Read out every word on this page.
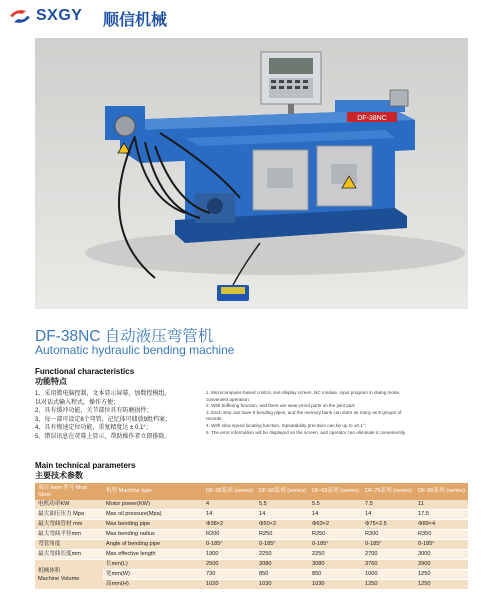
SXGY 顺信机械
DF-38NC
DF-38NC 自动液压弯管机
Automatic hydraulic bending machine
Functional characteristics
功能特点
1、采用微电脑控制，文本显示屏幕，加数控模组，
以对话式输入程式，操作方便；
2、具有缓冲功能，关节部位具有防磨损件；
3、每一部可设定8个弯管，记忆体可储放9组档案；
4、具有慢速定位功能，重复精度达 ± 0.1°；
5、错误讯息在荧幕上显示，帮助操作者立即排除。
1. Microcomputer-based control, text-display screen, NC module, input program in dialog mode,
convenient operation;
2. With buffering function, and there are wear-proof parts on the joint part;
3. Each step can have 8 bending pipes, and the memory bank can store as many as 9 groups of
records;
4. With slow speed locating function, repeatability precision can be up to ±0.1°;
5. The error information will be displayed on the screen, and operator can eliminate it conveniently.
Main technical parameters
主要技术参数
项目 Item 型号 Mod Steel	机型 Machine type	DF-38系列 (series)	DF-50系列 (series)	DF-63系列 (series)	DF-75系列 (series)	DF-89系列 (series)
电机功率KW	Motor power(KW)	4	5.5	5.5	7.5	11
最大油压压力 Mpa	Max oil pressure(Mpa)	14	14	14	14	17.5
最大弯曲管材 mm	Max bending pipe	Φ38×2	Φ50×2	Φ63×2	Φ75×2.5	Φ89×4
最大弯曲半径mm	Max bending radius	R200	R250	R250	R300	R350
弯管角度	Angle of bending pipe	0-185°	0-185°	0-185°	0-185°	0-185°
最大弯曲长度mm	Max effective length	1900	2250	2250	2700	3000

机械体积
Machine Volume	长mm(L)	2500	3080	3080	3760	3900
	宽mm(W)	730	850	850	1000	1250
	高mm(H)	1020	1030	1030	1250	1250
